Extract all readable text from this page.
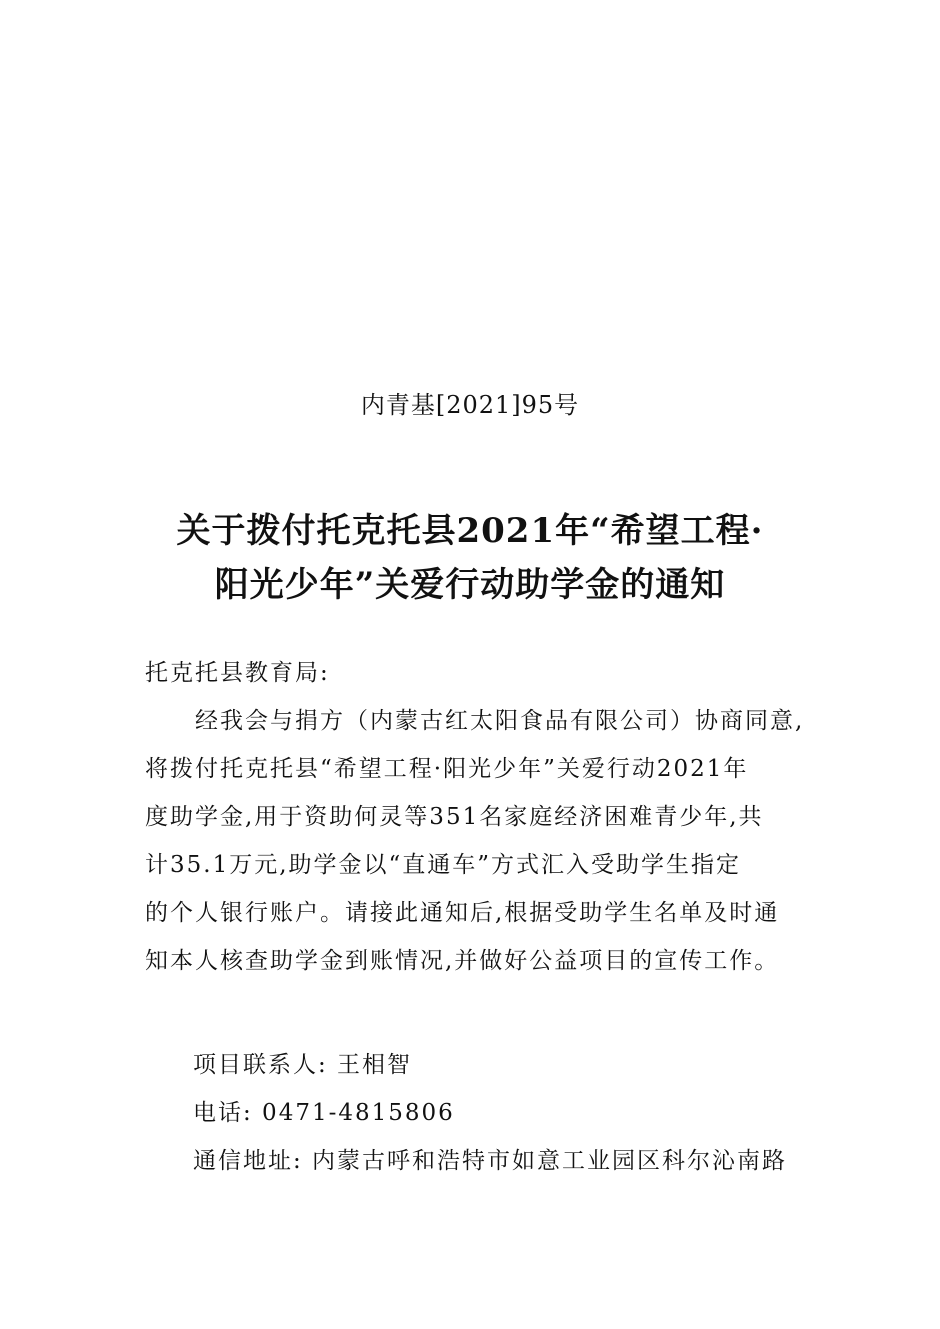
内青基[2021]95号
关于拨付托克托县2021年“希望工程·
阳光少年”关爱行动助学金的通知
托克托县教育局:
　　经我会与捐方（内蒙古红太阳食品有限公司）协商同意,
将拨付托克托县“希望工程·阳光少年”关爱行动2021年
度助学金,用于资助何灵等351名家庭经济困难青少年,共
计35.1万元,助学金以“直通车”方式汇入受助学生指定
的个人银行账户。请接此通知后,根据受助学生名单及时通
知本人核查助学金到账情况,并做好公益项目的宣传工作。
项目联系人: 王相智
电话: 0471-4815806
通信地址: 内蒙古呼和浩特市如意工业园区科尔沁南路
